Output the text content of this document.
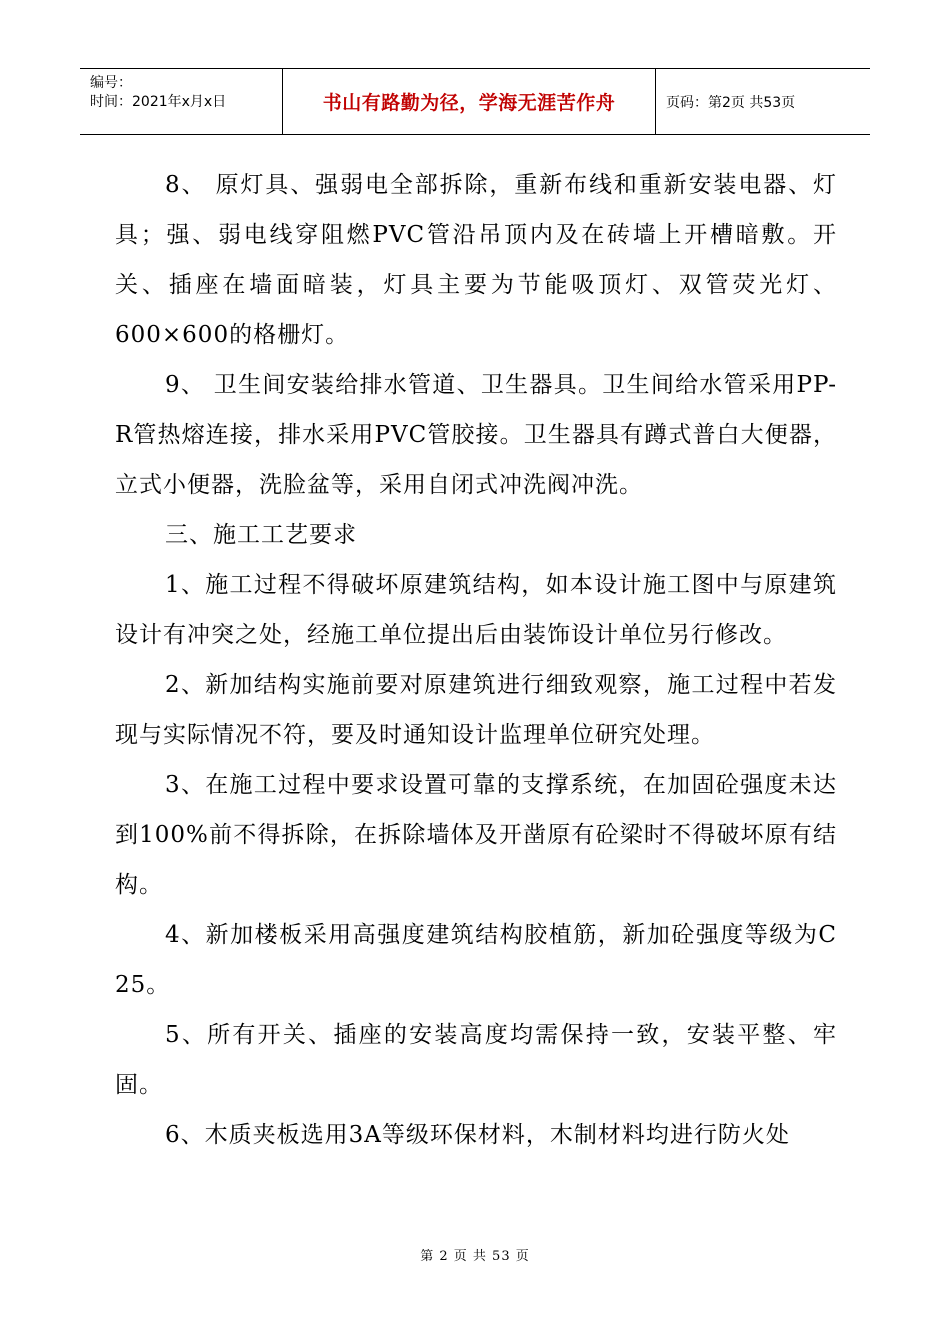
编号：
时间：2021年x月x日	书山有路勤为径，学海无涯苦作舟	页码：第2页 共53页

8、 原灯具、强弱电全部拆除，重新布线和重新安装电器、灯具；强、弱电线穿阻燃PVC管沿吊顶内及在砖墙上开槽暗敷。开关、插座在墙面暗装，灯具主要为节能吸顶灯、双管荧光灯、600×600的格栅灯。

9、 卫生间安装给排水管道、卫生器具。卫生间给水管采用PP-R管热熔连接，排水采用PVC管胶接。卫生器具有蹲式普白大便器，立式小便器，洗脸盆等，采用自闭式冲洗阀冲洗。

三、施工工艺要求

1、施工过程不得破坏原建筑结构，如本设计施工图中与原建筑设计有冲突之处，经施工单位提出后由装饰设计单位另行修改。

2、新加结构实施前要对原建筑进行细致观察，施工过程中若发现与实际情况不符，要及时通知设计监理单位研究处理。

3、在施工过程中要求设置可靠的支撑系统，在加固砼强度未达到100%前不得拆除，在拆除墙体及开凿原有砼梁时不得破坏原有结构。

4、新加楼板采用高强度建筑结构胶植筋，新加砼强度等级为C 25。

5、所有开关、插座的安装高度均需保持一致，安装平整、牢固。

6、木质夹板选用3A等级环保材料，木制材料均进行防火处

第 2 页 共 53 页
